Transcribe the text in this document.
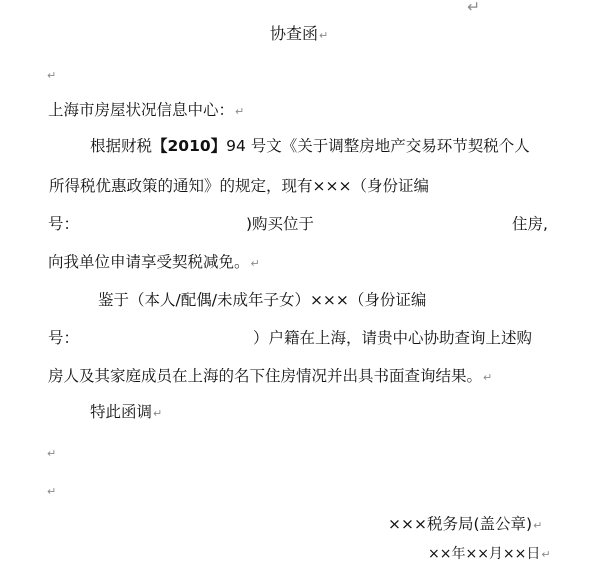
↵
协查函↵
↵
上海市房屋状况信息中心：↵
根据财税【2010】94 号文《关于调整房地产交易环节契税个人
所得税优惠政策的通知》的规定，现有×××（身份证编
号：	)购买位于	住房,
向我单位申请享受契税减免。↵
鉴于（本人/配偶/未成年子女）×××（身份证编
号：	）户籍在上海，请贵中心协助查询上述购
房人及其家庭成员在上海的名下住房情况并出具书面查询结果。↵
特此函调↵
↵
↵
×××税务局(盖公章)↵
××年××月××日↵
